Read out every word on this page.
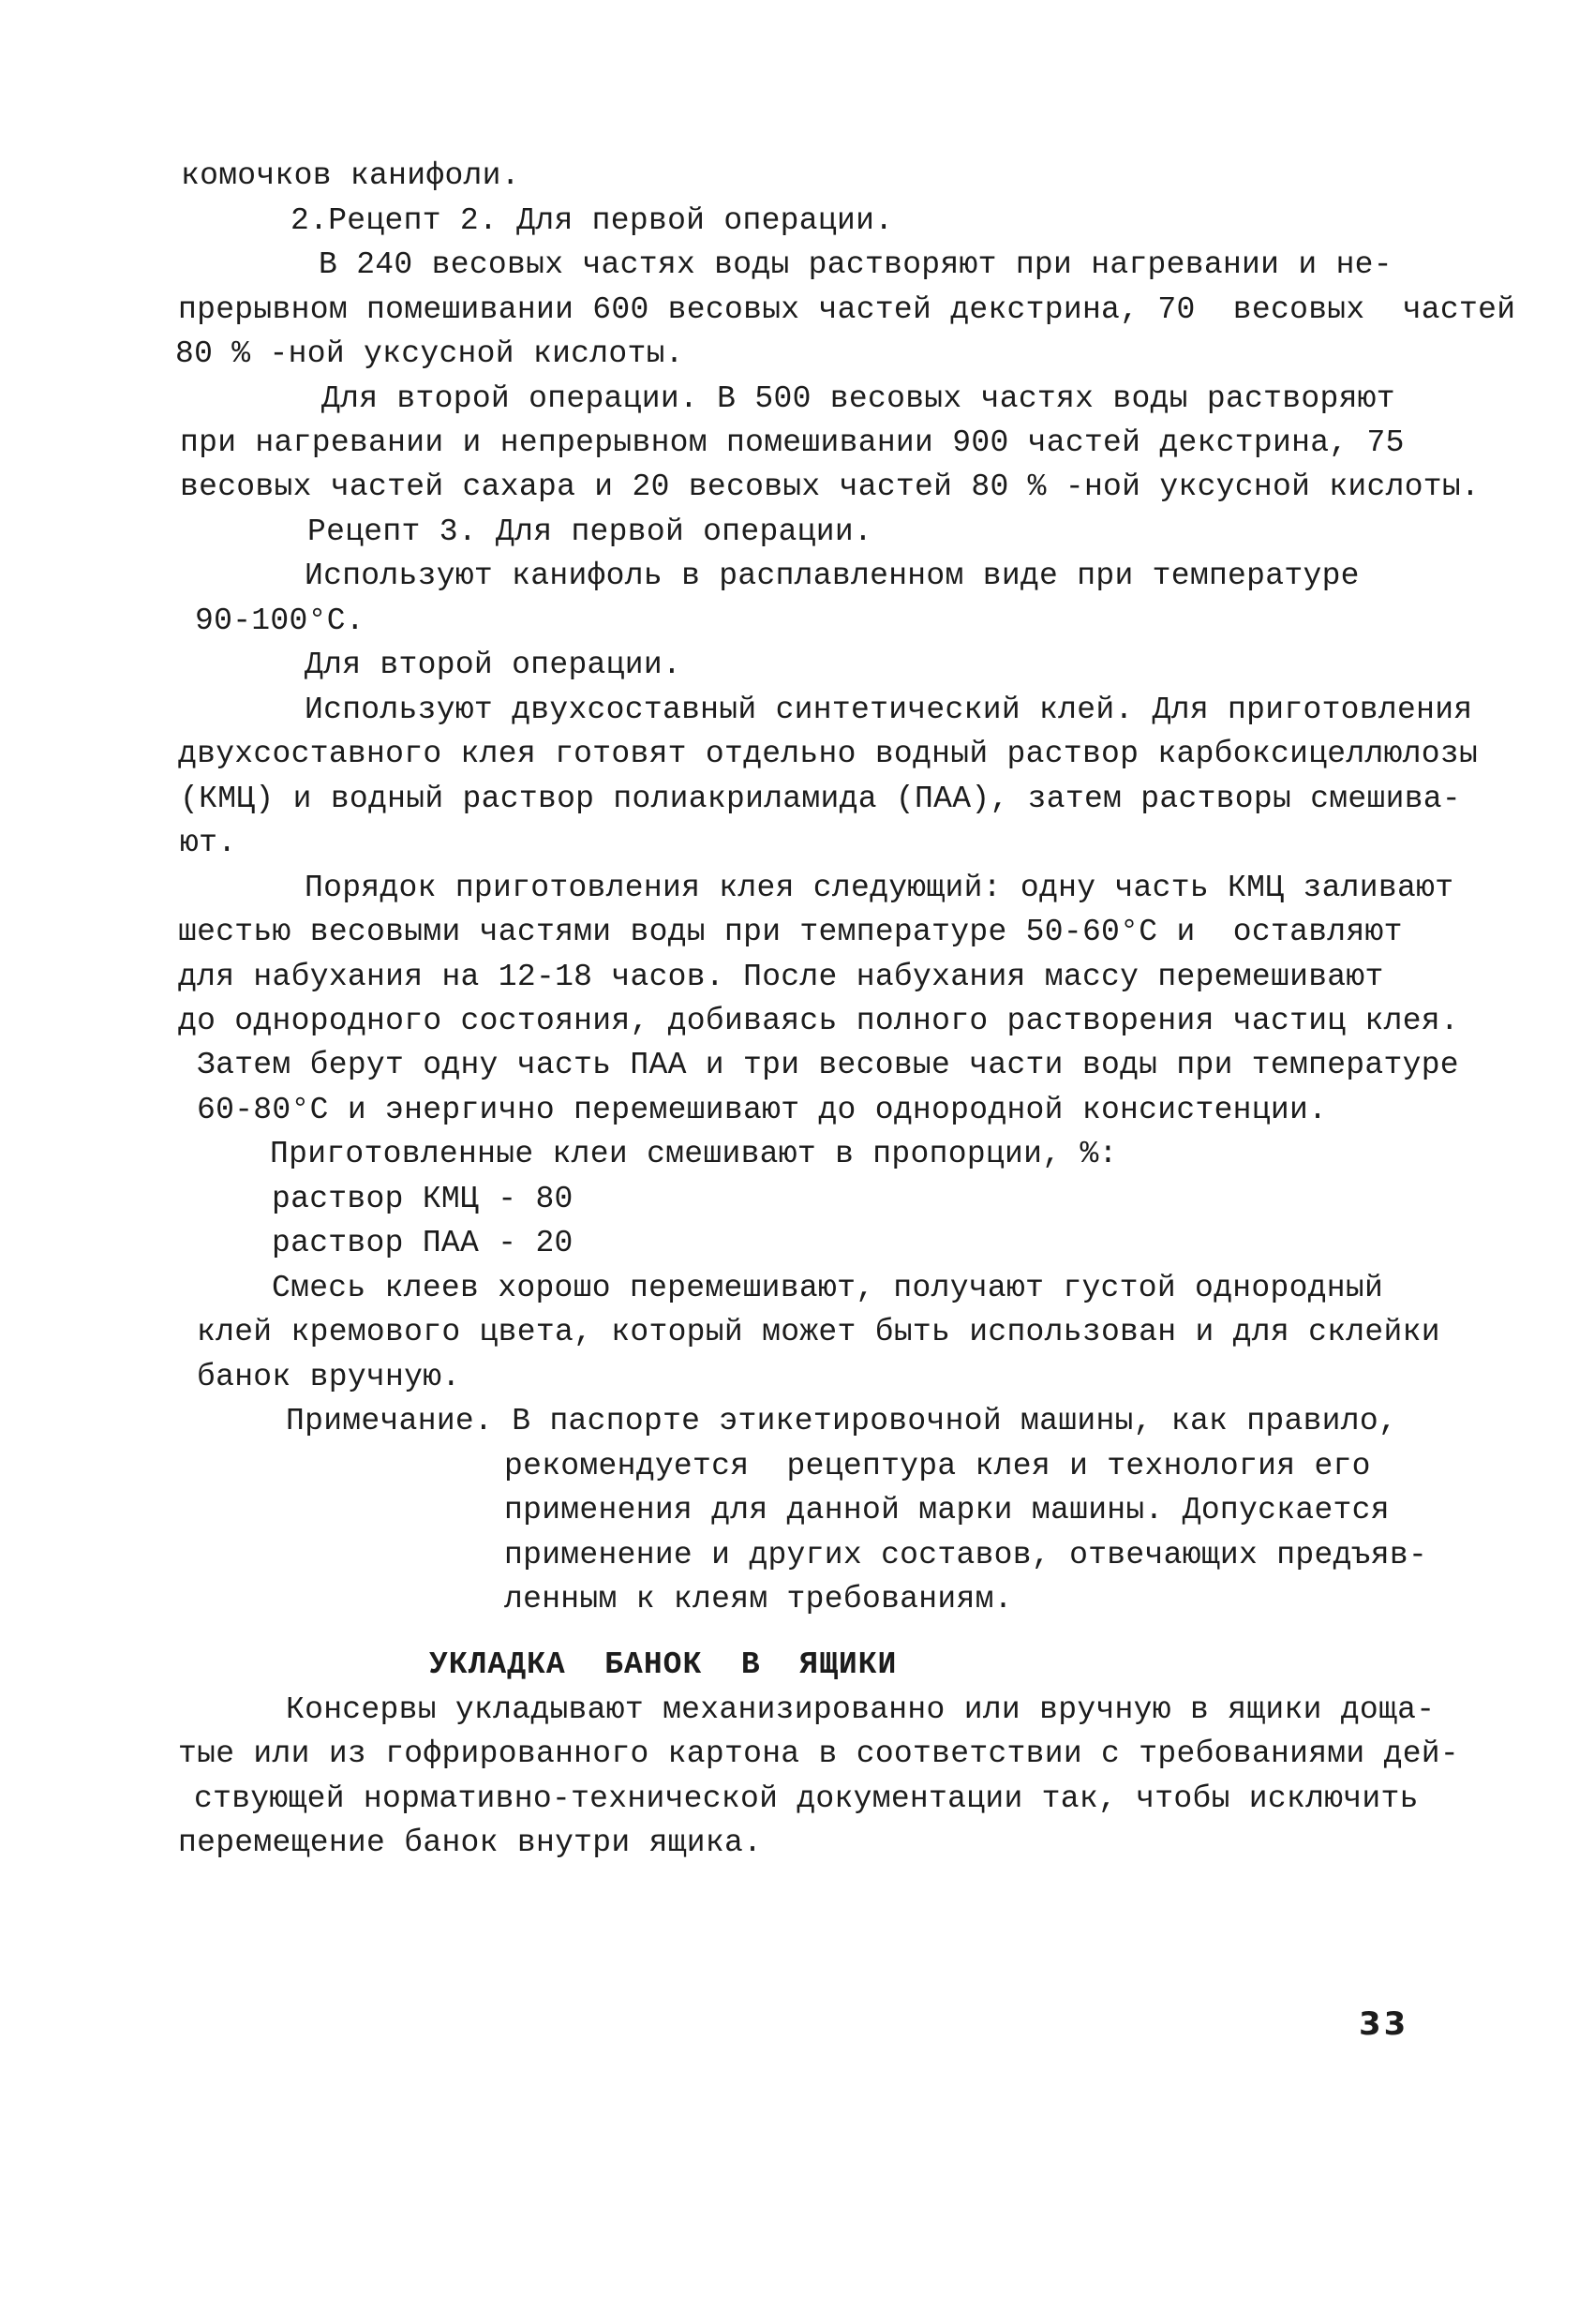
комочков канифоли.
2.Рецепт 2. Для первой операции.
В 240 весовых частях воды растворяют при нагревании и не-
прерывном помешивании 600 весовых частей декстрина, 70  весовых  частей
80 % -ной уксусной кислоты.
Для второй операции. В 500 весовых частях воды растворяют
при нагревании и непрерывном помешивании 900 частей декстрина, 75
весовых частей сахара и 20 весовых частей 80 % -ной уксусной кислоты.
Рецепт 3. Для первой операции.
Используют канифоль в расплавленном виде при температуре
90-100°С.
Для второй операции.
Используют двухсоставный синтетический клей. Для приготовления
двухсоставного клея готовят отдельно водный раствор карбоксицеллюлозы
(КМЦ) и водный раствор полиакриламида (ПАА), затем растворы смешива-
ют.
Порядок приготовления клея следующий: одну часть КМЦ заливают
шестью весовыми частями воды при температуре 50-60°С и  оставляют
для набухания на 12-18 часов. После набухания массу перемешивают
до однородного состояния, добиваясь полного растворения частиц клея.
Затем берут одну часть ПАА и три весовые части воды при температуре
60-80°С и энергично перемешивают до однородной консистенции.
Приготовленные клеи смешивают в пропорции, %:
раствор КМЦ - 80
раствор ПАА - 20
Смесь клеев хорошо перемешивают, получают густой однородный
клей кремового цвета, который может быть использован и для склейки
банок вручную.
Примечание. В паспорте этикетировочной машины, как правило,
рекомендуется  рецептура клея и технология его
применения для данной марки машины. Допускается
применение и других составов, отвечающих предъяв-
ленным к клеям требованиям.
УКЛАДКА  БАНОК  В  ЯЩИКИ
Консервы укладывают механизированно или вручную в ящики доща-
тые или из гофрированного картона в соответствии с требованиями дей-
ствующей нормативно-технической документации так, чтобы исключить
перемещение банок внутри ящика.
33
